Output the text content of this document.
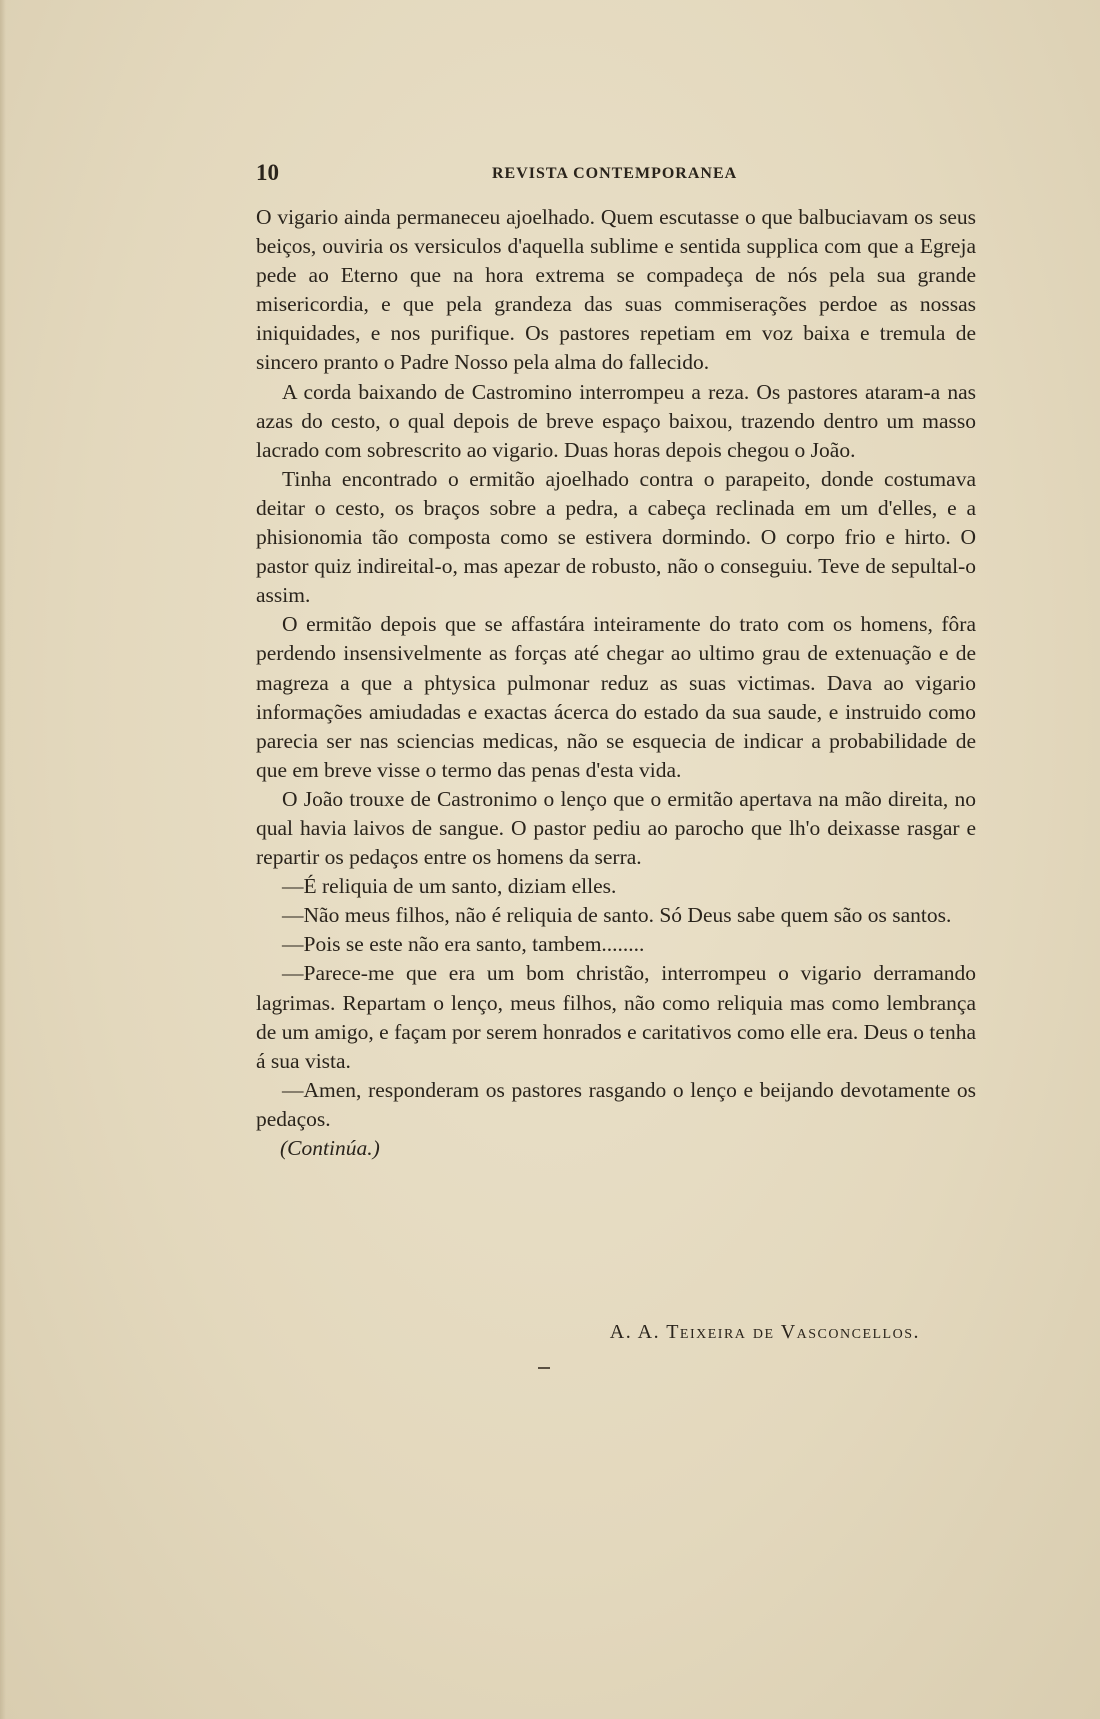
10	REVISTA CONTEMPORANEA

O vigario ainda permaneceu ajoelhado. Quem escutasse o que balbuciavam os seus beiços, ouviria os versiculos d'aquella sublime e sentida supplica com que a Egreja pede ao Eterno que na hora extrema se compadeça de nós pela sua grande misericordia, e que pela grandeza das suas commiserações perdoe as nossas iniquidades, e nos purifique. Os pastores repetiam em voz baixa e tremula de sincero pranto o Padre Nosso pela alma do fallecido.

A corda baixando de Castromino interrompeu a reza. Os pastores ataram-a nas azas do cesto, o qual depois de breve espaço baixou, trazendo dentro um masso lacrado com sobrescrito ao vigario. Duas horas depois chegou o João.

Tinha encontrado o ermitão ajoelhado contra o parapeito, donde costumava deitar o cesto, os braços sobre a pedra, a cabeça reclinada em um d'elles, e a phisionomia tão composta como se estivera dormindo. O corpo frio e hirto. O pastor quiz indireital-o, mas apezar de robusto, não o conseguiu. Teve de sepultal-o assim.

O ermitão depois que se affastára inteiramente do trato com os homens, fôra perdendo insensivelmente as forças até chegar ao ultimo grau de extenuação e de magreza a que a phtysica pulmonar reduz as suas victimas. Dava ao vigario informações amiudadas e exactas ácerca do estado da sua saude, e instruido como parecia ser nas sciencias medicas, não se esquecia de indicar a probabilidade de que em breve visse o termo das penas d'esta vida.

O João trouxe de Castronimo o lenço que o ermitão apertava na mão direita, no qual havia laivos de sangue. O pastor pediu ao parocho que lh'o deixasse rasgar e repartir os pedaços entre os homens da serra.

—É reliquia de um santo, diziam elles.

—Não meus filhos, não é reliquia de santo. Só Deus sabe quem são os santos.

—Pois se este não era santo, tambem........

—Parece-me que era um bom christão, interrompeu o vigario derramando lagrimas. Repartam o lenço, meus filhos, não como reliquia mas como lembrança de um amigo, e façam por serem honrados e caritativos como elle era. Deus o tenha á sua vista.

—Amen, responderam os pastores rasgando o lenço e beijando devotamente os pedaços.

(Continúa.)

A. A. Teixeira de Vasconcellos.
